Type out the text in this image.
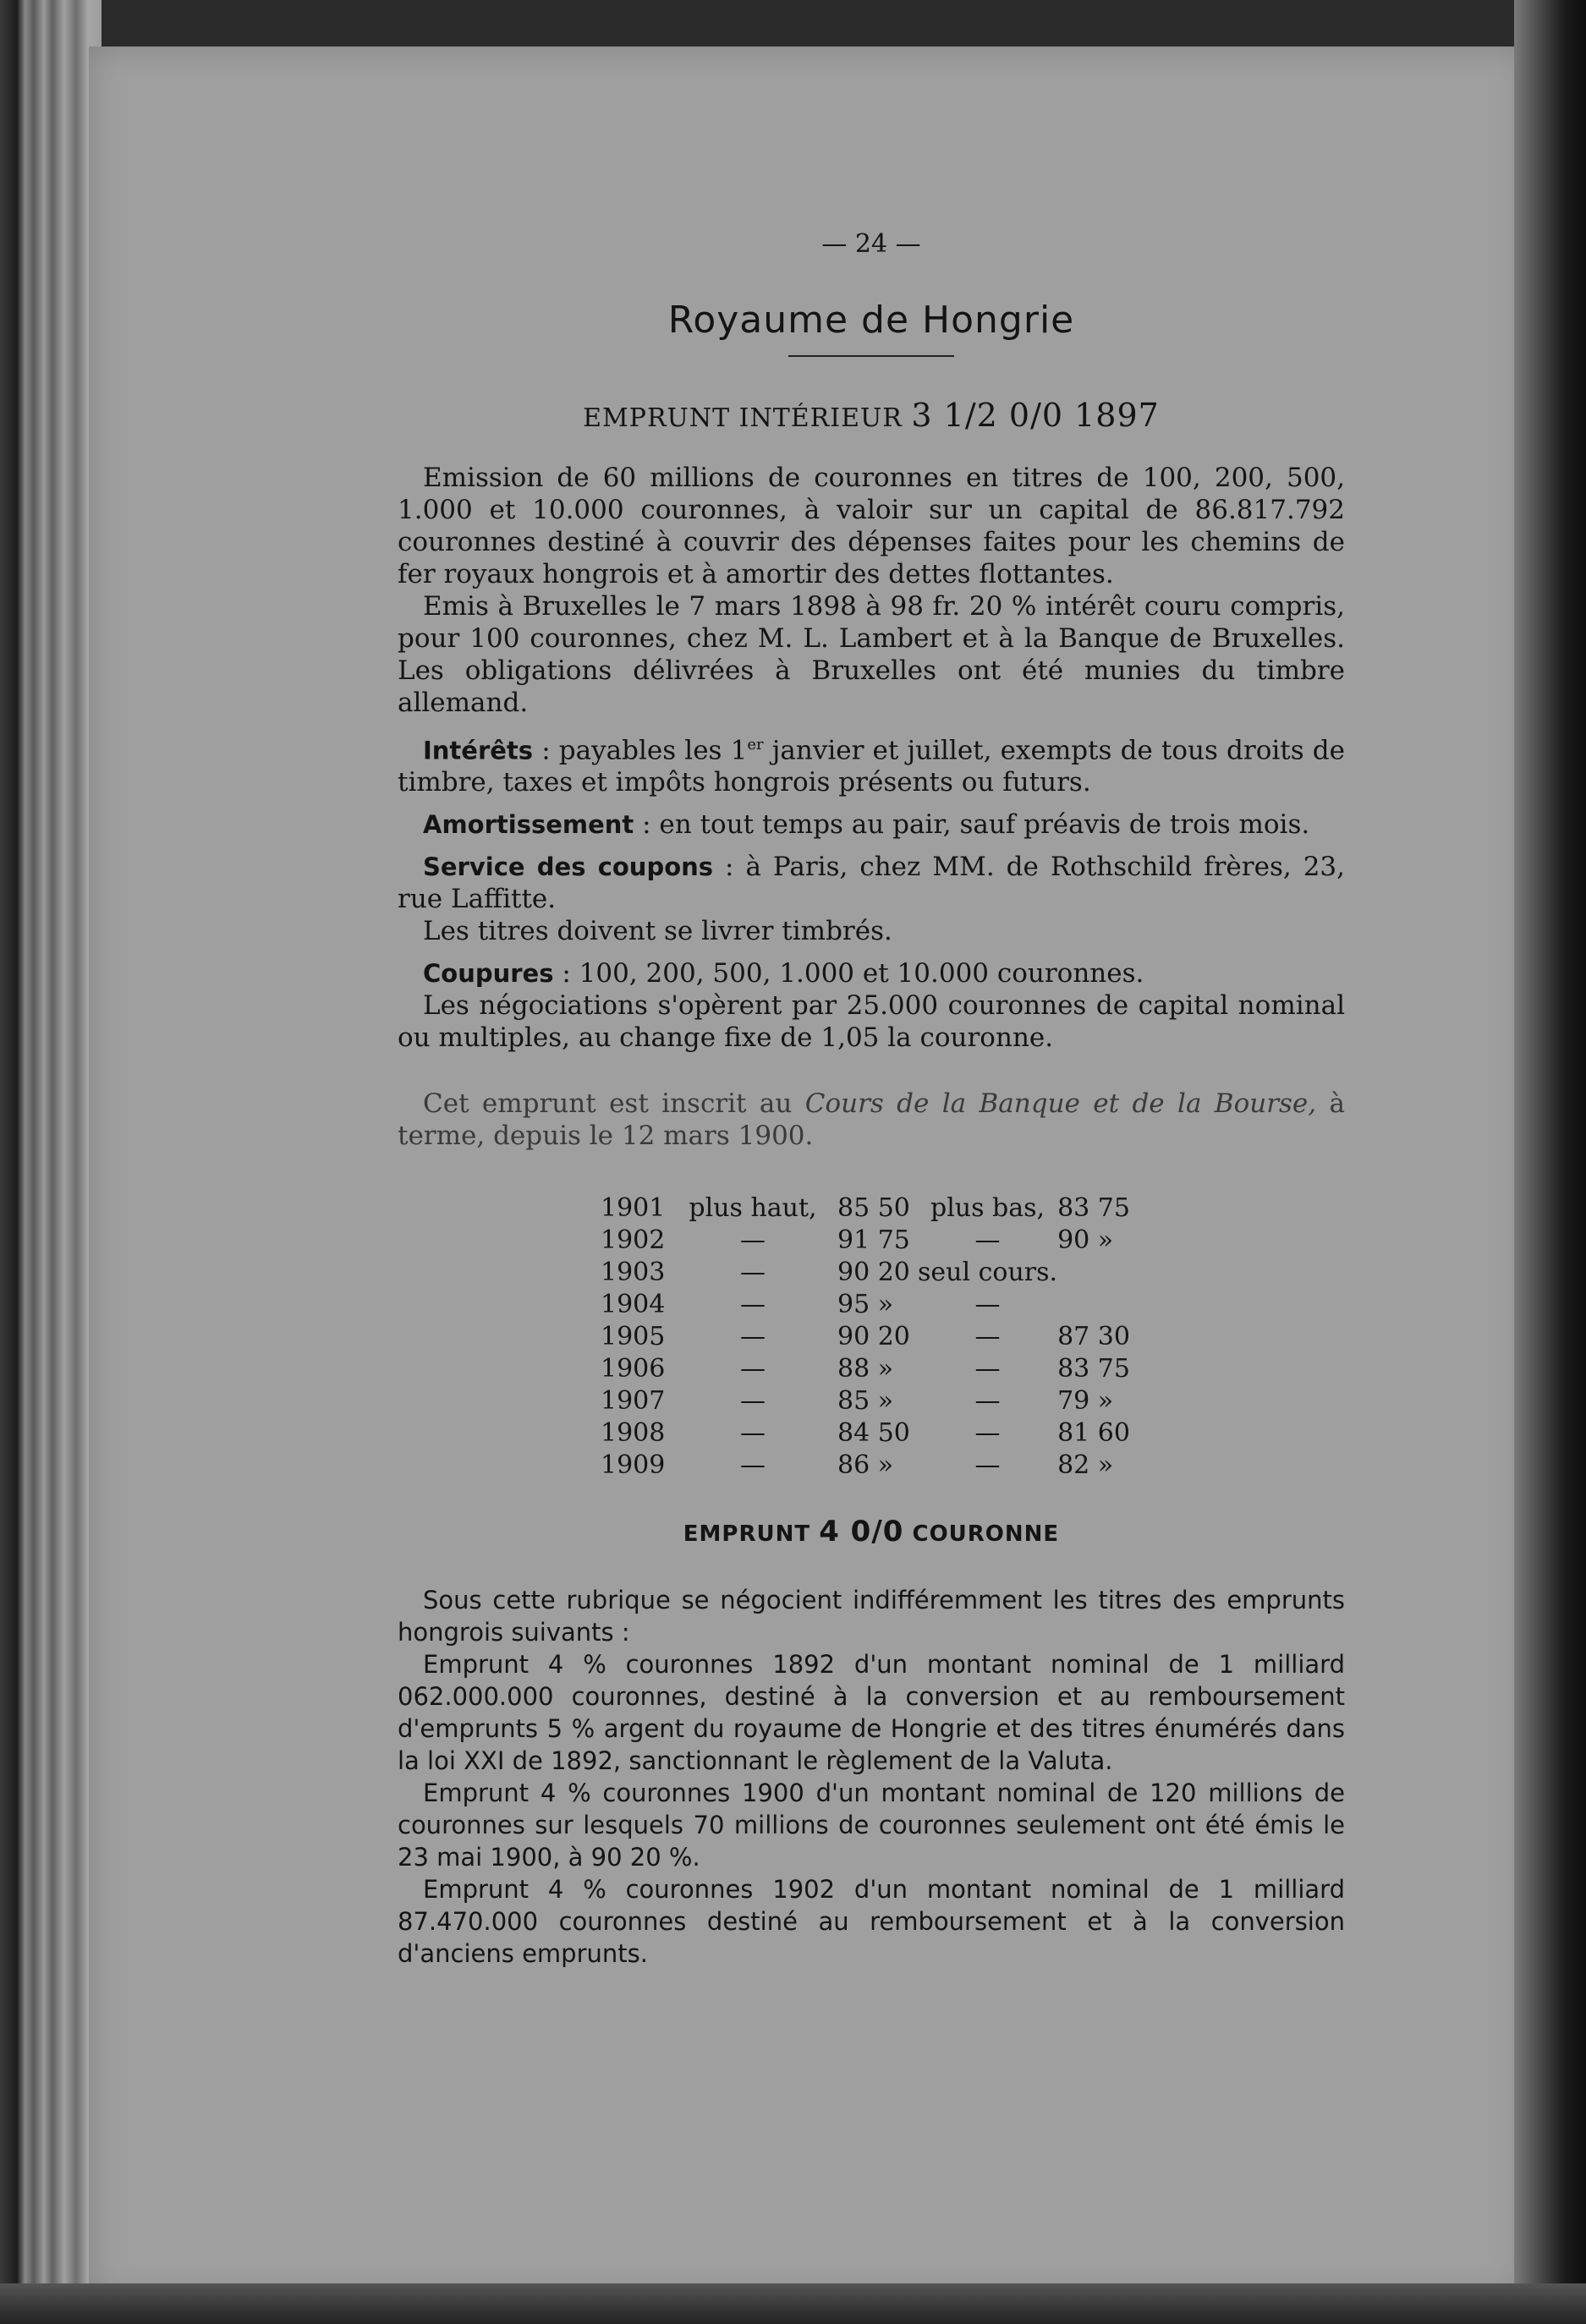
— 24 —
Royaume de Hongrie
EMPRUNT INTÉRIEUR 3 1/2 0/0 1897

Emission de 60 millions de couronnes en titres de 100, 200, 500, 1.000 et 10.000 couronnes, à valoir sur un capital de 86.817.792 couronnes destiné à couvrir des dépenses faites pour les chemins de fer royaux hongrois et à amortir des dettes flottantes.

Emis à Bruxelles le 7 mars 1898 à 98 fr. 20 % intérêt couru compris, pour 100 couronnes, chez M. L. Lambert et à la Banque de Bruxelles. Les obligations délivrées à Bruxelles ont été munies du timbre allemand.

Intérêts : payables les 1er janvier et juillet, exempts de tous droits de timbre, taxes et impôts hongrois présents ou futurs.

Amortissement : en tout temps au pair, sauf préavis de trois mois.

Service des coupons : à Paris, chez MM. de Rothschild frères, 23, rue Laffitte.

Les titres doivent se livrer timbrés.

Coupures : 100, 200, 500, 1.000 et 10.000 couronnes.

Les négociations s'opèrent par 25.000 couronnes de capital nominal ou multiples, au change fixe de 1,05 la couronne.

Cet emprunt est inscrit au Cours de la Banque et de la Bourse, à terme, depuis le 12 mars 1900.

1901	plus haut,	85 50	plus bas,	83 75
1902	—	91 75	—	90 »
1903	—	90 20	seul cours.	
1904	—	95 »	—	
1905	—	90 20	—	87 30
1906	—	88 »	—	83 75
1907	—	85 »	—	79 »
1908	—	84 50	—	81 60
1909	—	86 »	—	82 »
EMPRUNT 4 0/0 COURONNE

Sous cette rubrique se négocient indifféremment les titres des emprunts hongrois suivants :

Emprunt 4 % couronnes 1892 d'un montant nominal de 1 milliard 062.000.000 couronnes, destiné à la conversion et au remboursement d'emprunts 5 % argent du royaume de Hongrie et des titres énumérés dans la loi XXI de 1892, sanctionnant le règlement de la Valuta.

Emprunt 4 % couronnes 1900 d'un montant nominal de 120 millions de couronnes sur lesquels 70 millions de couronnes seulement ont été émis le 23 mai 1900, à 90 20 %.

Emprunt 4 % couronnes 1902 d'un montant nominal de 1 milliard 87.470.000 couronnes destiné au remboursement et à la conversion d'anciens emprunts.
